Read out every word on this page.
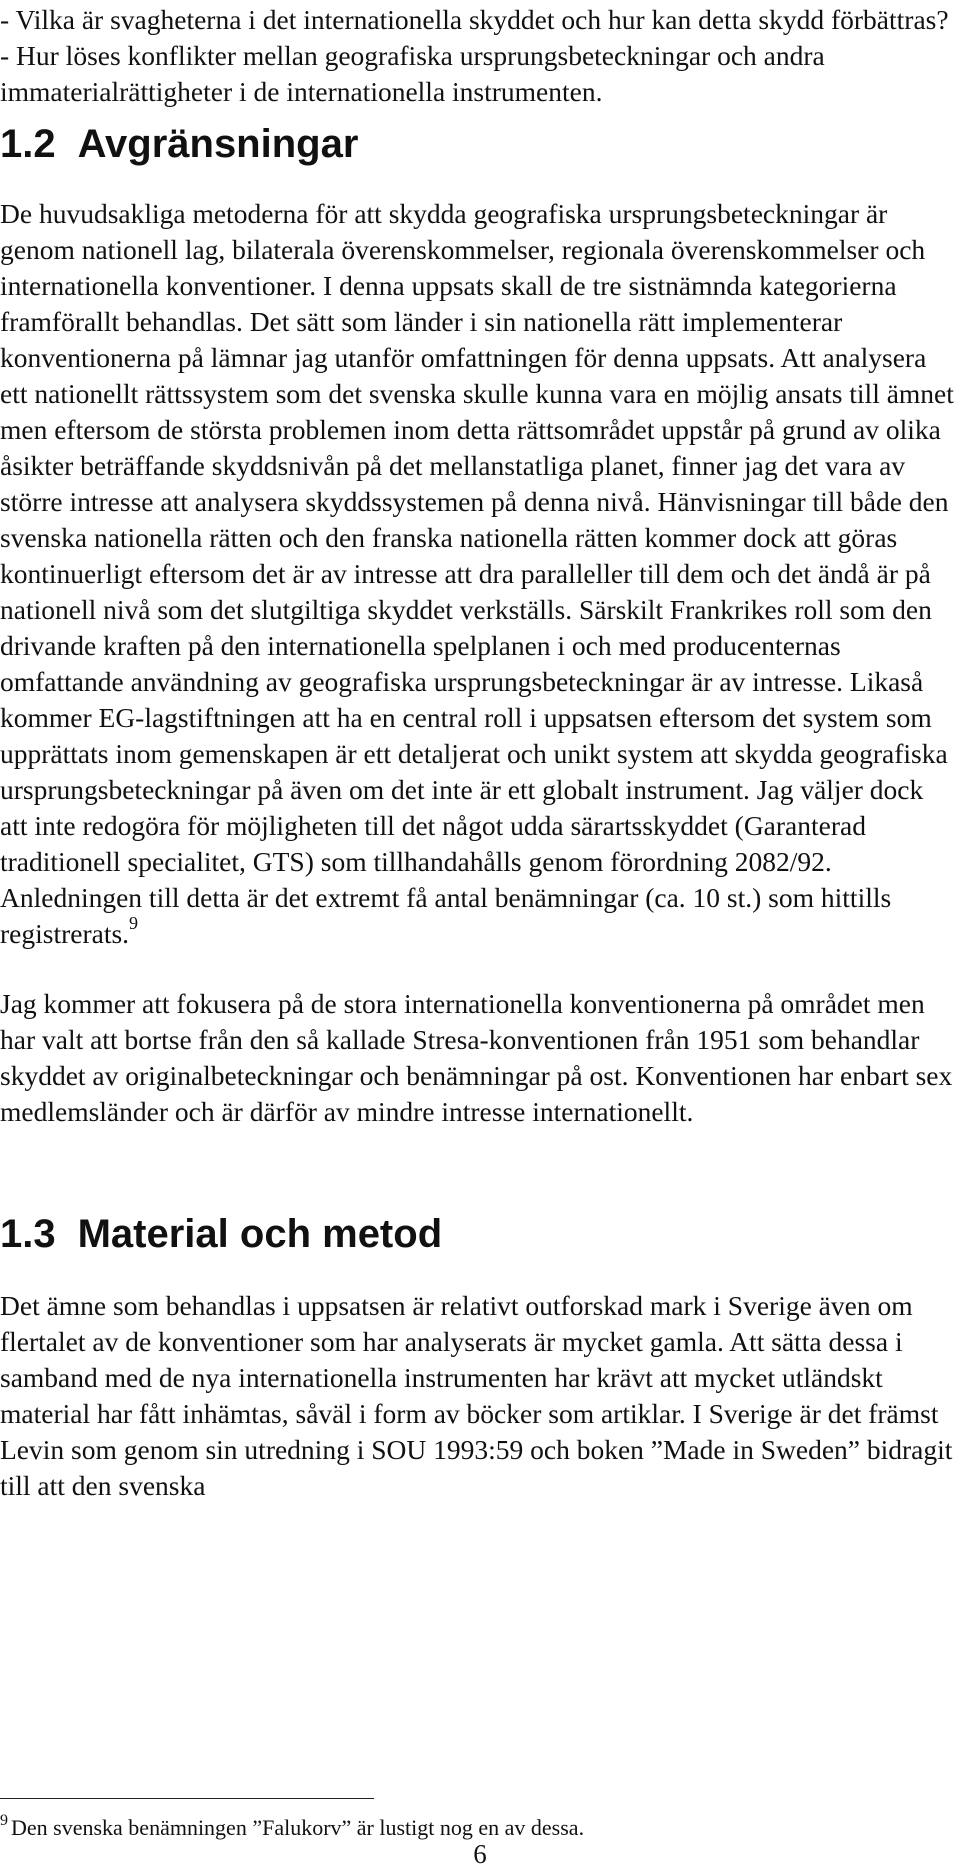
- Vilka är svagheterna i det internationella skyddet och hur kan detta skydd förbättras?

- Hur löses konflikter mellan geografiska ursprungsbeteckningar och andra immaterialrättigheter i de internationella instrumenten.

1.2 Avgränsningar

De huvudsakliga metoderna för att skydda geografiska ursprungsbeteckningar är genom nationell lag, bilaterala överenskommelser, regionala överenskommelser och internationella konventioner. I denna uppsats skall de tre sistnämnda kategorierna framförallt behandlas. Det sätt som länder i sin nationella rätt implementerar konventionerna på lämnar jag utanför omfattningen för denna uppsats. Att analysera ett nationellt rättssystem som det svenska skulle kunna vara en möjlig ansats till ämnet men eftersom de största problemen inom detta rättsområdet uppstår på grund av olika åsikter beträffande skyddsnivån på det mellanstatliga planet, finner jag det vara av större intresse att analysera skyddssystemen på denna nivå. Hänvisningar till både den svenska nationella rätten och den franska nationella rätten kommer dock att göras kontinuerligt eftersom det är av intresse att dra paralleller till dem och det ändå är på nationell nivå som det slutgiltiga skyddet verkställs. Särskilt Frankrikes roll som den drivande kraften på den internationella spelplanen i och med producenternas omfattande användning av geografiska ursprungsbeteckningar är av intresse. Likaså kommer EG-lagstiftningen att ha en central roll i uppsatsen eftersom det system som upprättats inom gemenskapen är ett detaljerat och unikt system att skydda geografiska ursprungsbeteckningar på även om det inte är ett globalt instrument. Jag väljer dock att inte redogöra för möjligheten till det något udda särartsskyddet (Garanterad traditionell specialitet, GTS) som tillhandahålls genom förordning 2082/92. Anledningen till detta är det extremt få antal benämningar (ca. 10 st.) som hittills registrerats.$^9$

Jag kommer att fokusera på de stora internationella konventionerna på området men har valt att bortse från den så kallade Stresa-konventionen från 1951 som behandlar skyddet av originalbeteckningar och benämningar på ost. Konventionen har enbart sex medlemsländer och är därför av mindre intresse internationellt.

1.3 Material och metod

Det ämne som behandlas i uppsatsen är relativt outforskad mark i Sverige även om flertalet av de konventioner som har analyserats är mycket gamla. Att sätta dessa i samband med de nya internationella instrumenten har krävt att mycket utländskt material har fått inhämtas, såväl i form av böcker som artiklar. I Sverige är det främst Levin som genom sin utredning i SOU 1993:59 och boken ”Made in Sweden” bidragit till att den svenska

$^9$ Den svenska benämningen ”Falukorv” är lustigt nog en av dessa.

6
